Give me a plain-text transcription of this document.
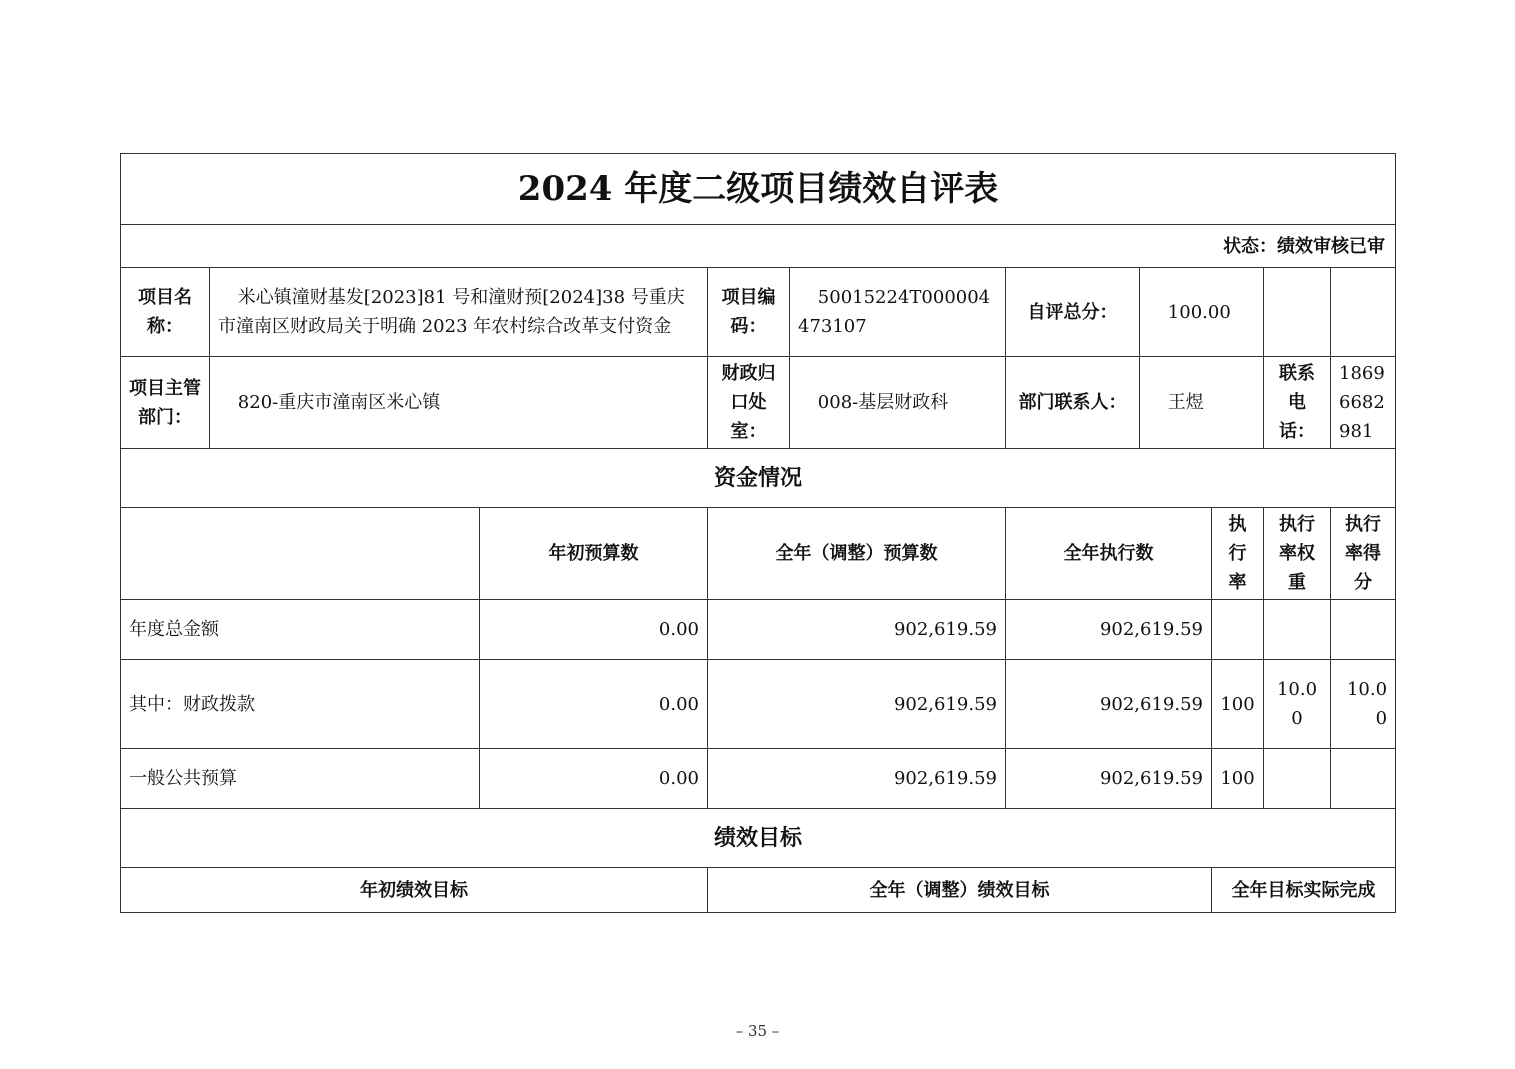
2024 年度二级项目绩效自评表									
状态：绩效审核已审									
项目名称：	米心镇潼财基发[2023]81 号和潼财预[2024]38 号重庆市潼南区财政局关于明确 2023 年农村综合改革支付资金		项目编码：	50015224T000004473107	自评总分：	100.00			
项目主管部门：	820-重庆市潼南区米心镇		财政归口处室：	008-基层财政科	部门联系人：	王煜		联系电话：	18696682981
资金情况									
		年初预算数	全年（调整）预算数		全年执行数		执行率	执行率权重	执行率得分
年度总金额		0.00	902,619.59		902,619.59				
其中：财政拨款		0.00	902,619.59		902,619.59		100	10.00	10.00
一般公共预算		0.00	902,619.59		902,619.59		100		
绩效目标									
年初绩效目标			全年（调整）绩效目标				全年目标实际完成		
– 35 –
